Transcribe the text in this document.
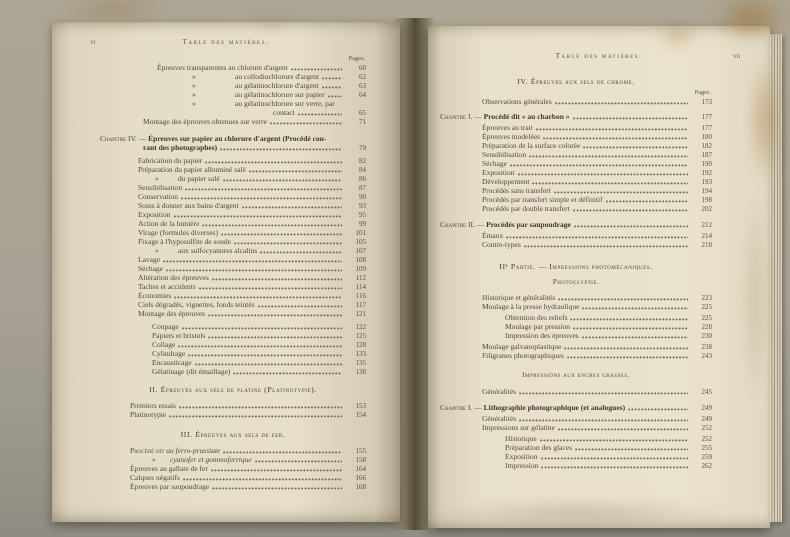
vi	Table des matières.
Pages.
Épreuves transparentes au chlorure d'argent	60
»	au collodiochlorure d'argent	62
»	au gélatinochlorure d'argent	63
»	au gélatinochlorure sur papier	64
»	au gélatinochlorure sur verre, par
contact	65
Montage des épreuves obtenues sur verre	71
Chapitre IV. — Épreuves sur papier au chlorure d'argent (Procédé cou-
rant des photographes)	79
Fabrication du papier	82
Préparation du papier albuminé salé	84
»	du papier salé	86
Sensibilisation	87
Conservation	90
Soins à donner aux bains d'argent	93
Exposition	95
Action de la lumière	99
Virage (formules diverses)	101
Fixage à l'hyposulfite de soude	105
»	aux sulfocyanures alcalins	107
Lavage	108
Séchage	109
Altération des épreuves	112
Taches et accidents	114
Économies	116
Ciels dégradés, vignettes, fonds teintés	117
Montage des épreuves	121
Coupage	122
Papiers et bristols	125
Collage	128
Cylindrage	133
Encausticage	135
Gélatinage (dit émaillage)	138
II. Épreuves aux sels de platine (Platinotypie).
Premiers essais	153
Platinotypie	154
III. Épreuves aux sels de fer.
Procédé dit au ferro-prussiate	155
»	cyanofer et gommoferrique	158
Épreuves au gallate de fer	164
Calques négatifs	166
Épreuves par saupoudrage	168
Table des matières.	vii
IV. Épreuves aux sels de chrome.
Pages.
Observations générales	173
Chapitre I. — Procédé dit « au charbon »	177
Épreuves au trait	177
Épreuves modelées	180
Préparation de la surface colorée	182
Sensibilisation	187
Séchage	190
Exposition	192
Développement	193
Procédés sans transfert	194
Procédés par transfert simple et définitif	198
Procédés par double transfert	202
Chapitre II. — Procédés par saupoudrage	212
Émaux	214
Contre-types	218
IIᵉ Partie. — Impressions photomécaniques.
Photoglyptie.
Historique et généralités	223
Moulage à la presse hydraulique	225
Obtention des reliefs	225
Moulage par pression	228
Impression des épreuves	230
Moulage galvanoplastique	238
Filigranes photographiques	243
Impressions aux encres grasses.
Généralités	245
Chapitre I. — Lithographie photographique (et analogues)	249
Généralités	249
Impressions sur gélatine	252
Historique	252
Préparation des glaces	255
Exposition	259
Impression	262
